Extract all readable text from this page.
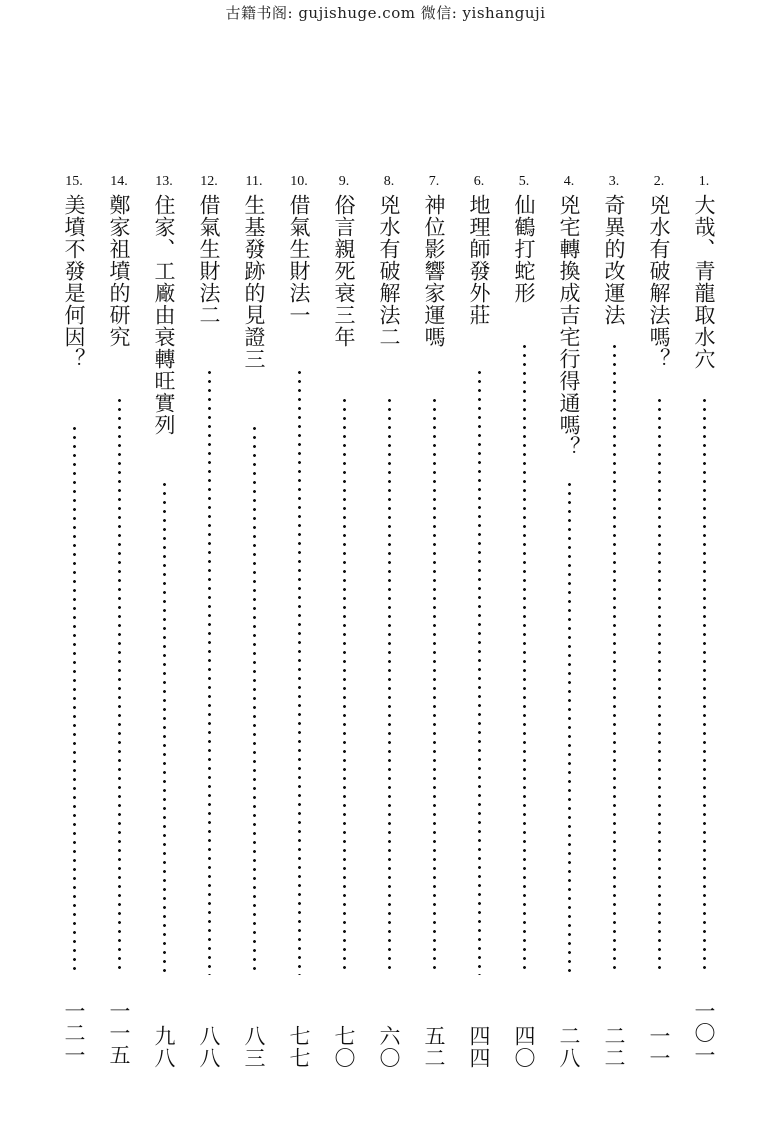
古籍书阁: gujishuge.com 微信: yishanguji
1.
大哉、青龍取水穴
一〇一
2.
兇水有破解法嗎？
一一
3.
奇異的改運法
二二
4.
兇宅轉換成吉宅行得通嗎？
二八
5.
仙鶴打蛇形
四〇
6.
地理師發外莊
四四
7.
神位影響家運嗎
五二
8.
兇水有破解法二
六〇
9.
俗言親死衰三年
七〇
10.
借氣生財法一
七七
11.
生基發跡的見證三
八三
12.
借氣生財法二
八八
13.
住家、工廠由衰轉旺實列
九八
14.
鄭家祖墳的研究
一一五
15.
美墳不發是何因？
一二一
